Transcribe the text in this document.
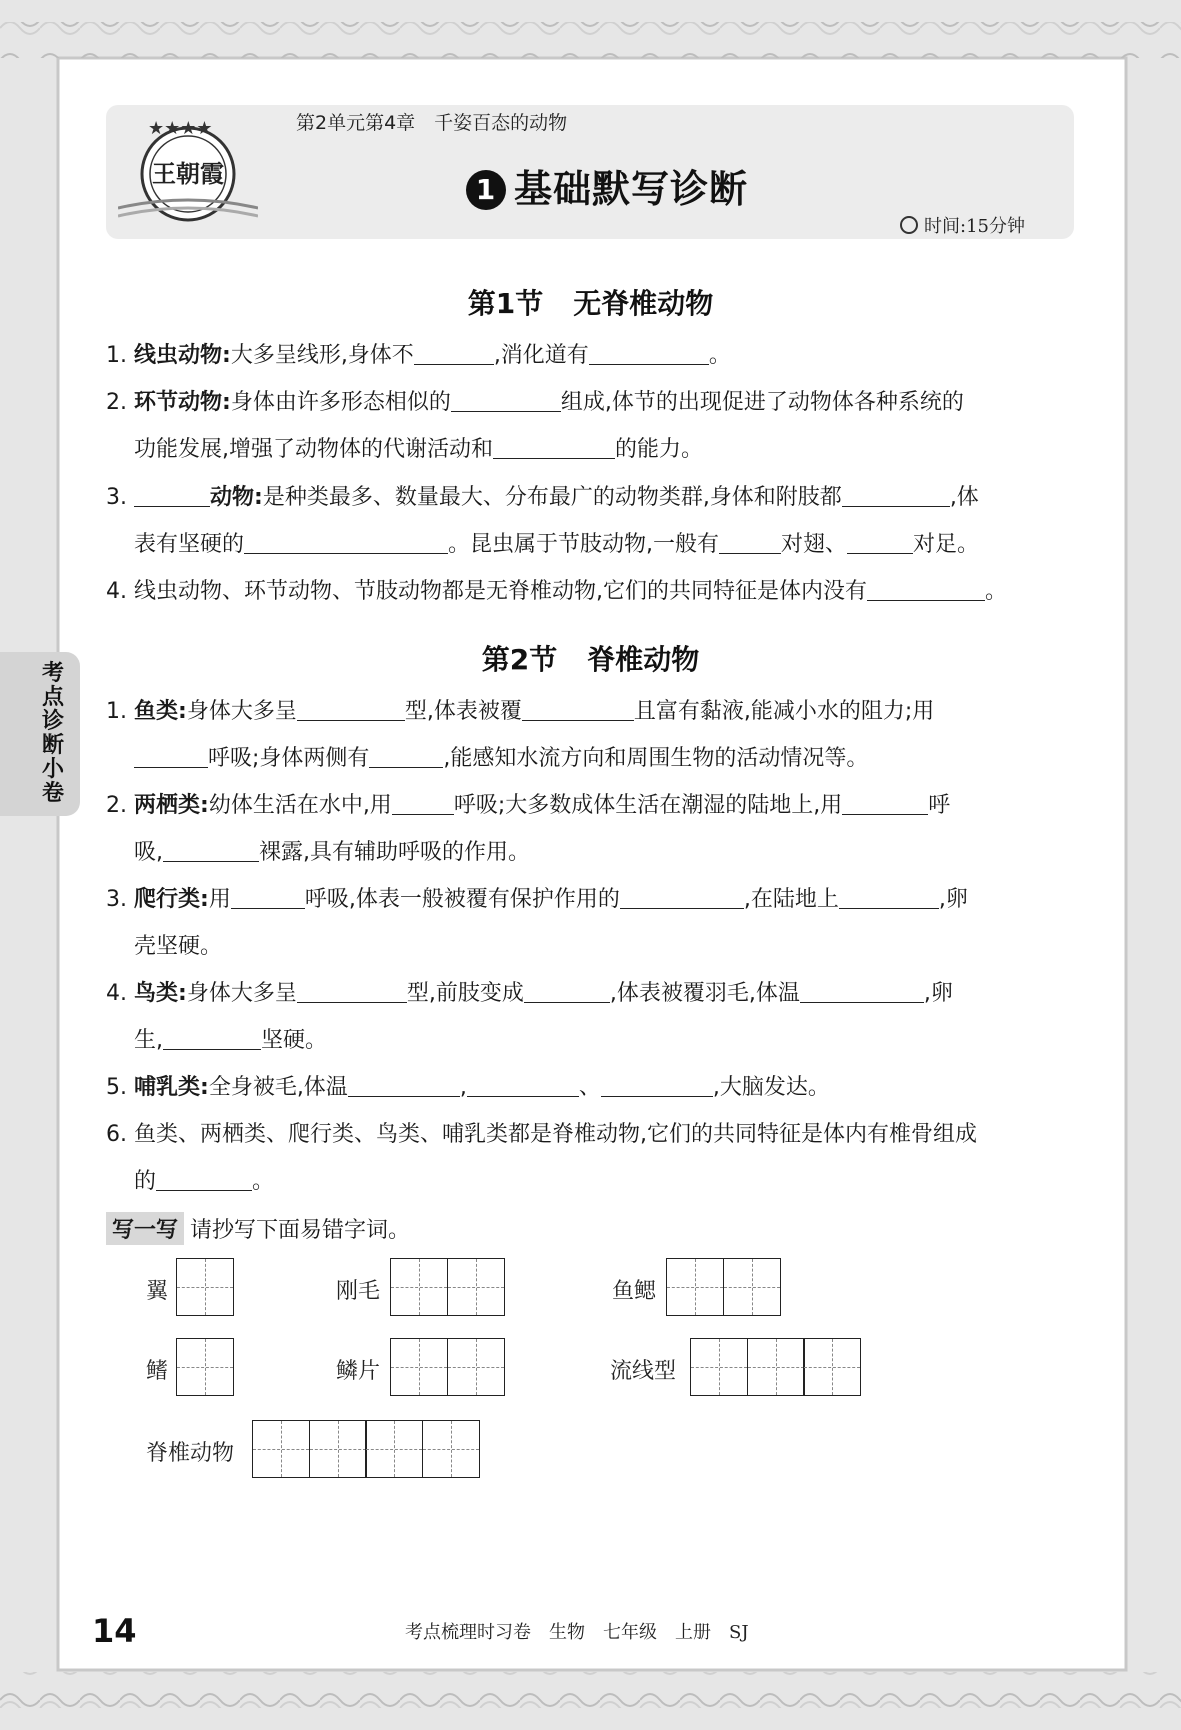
★★★★
王朝霞
第2单元第4章　千姿百态的动物
1 基础默写诊断
时间:15分钟
考点诊断小卷
第1节 无脊椎动物
1. 线虫动物:大多呈线形,身体不	,消化道有	。
2. 环节动物:身体由许多形态相似的	组成,体节的出现促进了动物体各种系统的
功能发展,增强了动物体的代谢活动和	的能力。
3.	动物:是种类最多、数量最大、分布最广的动物类群,身体和附肢都	,体
表有坚硬的	。昆虫属于节肢动物,一般有	对翅、	对足。
4. 线虫动物、环节动物、节肢动物都是无脊椎动物,它们的共同特征是体内没有	。
第2节 脊椎动物
1. 鱼类:身体大多呈	型,体表被覆	且富有黏液,能减小水的阻力;用
呼吸;身体两侧有	,能感知水流方向和周围生物的活动情况等。
2. 两栖类:幼体生活在水中,用	呼吸;大多数成体生活在潮湿的陆地上,用	呼
吸,	裸露,具有辅助呼吸的作用。
3. 爬行类:用	呼吸,体表一般被覆有保护作用的	,在陆地上	,卵
壳坚硬。
4. 鸟类:身体大多呈	型,前肢变成	,体表被覆羽毛,体温	,卵
生,	坚硬。
5. 哺乳类:全身被毛,体温	,	、	,大脑发达。
6. 鱼类、两栖类、爬行类、鸟类、哺乳类都是脊椎动物,它们的共同特征是体内有椎骨组成
的	。
写一写 请抄写下面易错字词。
翼	刚毛	鱼鳃
鳍	鳞片	流线型
脊椎动物
14	考点梳理时习卷　生物　七年级　上册　SJ
